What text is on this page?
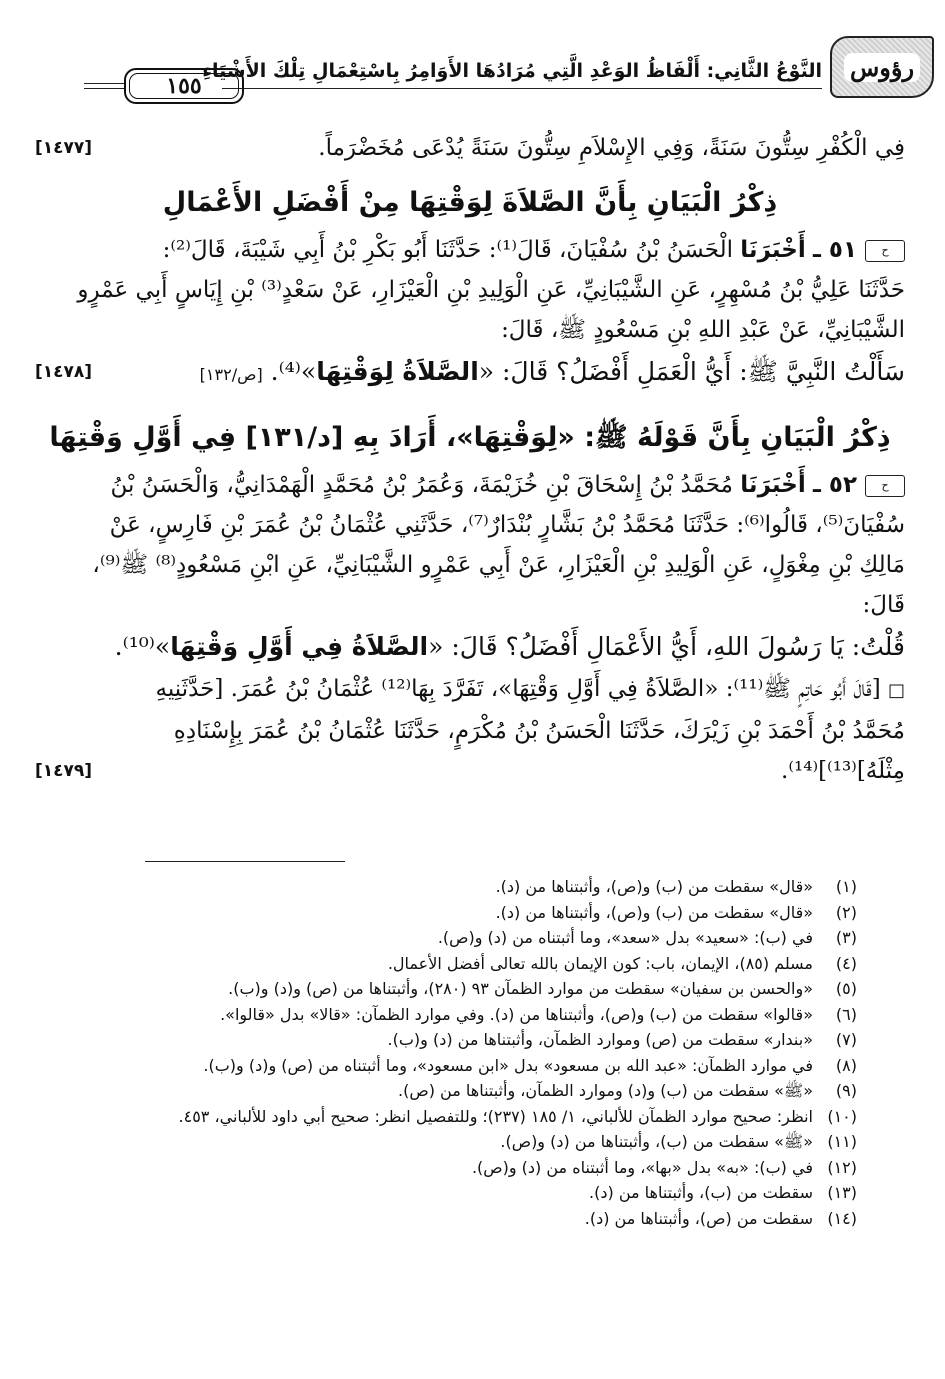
رؤوس
النَّوْعُ الثَّانِي: أَلْفَاظُ الوَعْدِ الَّتِي مُرَادُهَا الأَوَامِرُ بِاسْتِعْمَالِ تِلْكَ الأَشْيَاءِ
١٥٥
فِي الْكُفْرِ سِتُّونَ سَنَةً، وَفِي الإِسْلاَمِ سِتُّونَ سَنَةً يُدْعَى مُخَضْرَماً.
[١٤٧٧]
ذِكْرُ الْبَيَانِ بِأَنَّ الصَّلاَةَ لِوَقْتِهَا مِنْ أَفْضَلِ الأَعْمَالِ
ح٥١ ـ أَخْبَرَنَا الْحَسَنُ بْنُ سُفْيَانَ، قَالَ⁽¹⁾: حَدَّثَنَا أَبُو بَكْرِ بْنُ أَبِي شَيْبَةَ، قَالَ⁽²⁾:
حَدَّثَنَا عَلِيُّ بْنُ مُسْهِرٍ، عَنِ الشَّيْبَانِيِّ، عَنِ الْوَلِيدِ بْنِ الْعَيْزَارِ، عَنْ سَعْدٍ⁽³⁾ بْنِ إِيَاسٍ أَبِي عَمْرٍو
الشَّيْبَانِيِّ، عَنْ عَبْدِ اللهِ بْنِ مَسْعُودٍ ﷺ، قَالَ:
سَأَلْتُ النَّبِيَّ ﷺ: أَيُّ الْعَمَلِ أَفْضَلُ؟ قَالَ: «الصَّلاَةُ لِوَقْتِهَا»⁽⁴⁾. [ص/١٣٢]
[١٤٧٨]
ذِكْرُ الْبَيَانِ بِأَنَّ قَوْلَهُ ﷺ: «لِوَقْتِهَا»، أَرَادَ بِهِ [د/١٣١] فِي أَوَّلِ وَقْتِهَا
ح٥٢ ـ أَخْبَرَنَا مُحَمَّدُ بْنُ إِسْحَاقَ بْنِ خُزَيْمَةَ، وَعُمَرُ بْنُ مُحَمَّدٍ الْهَمْدَانِيُّ، وَالْحَسَنُ بْنُ
سُفْيَانَ⁽⁵⁾، قَالُوا⁽⁶⁾: حَدَّثَنَا مُحَمَّدُ بْنُ بَشَّارٍ بُنْدَارٌ⁽⁷⁾، حَدَّثَنِي عُثْمَانُ بْنُ عُمَرَ بْنِ فَارِسٍ، عَنْ
مَالِكِ بْنِ مِغْوَلٍ، عَنِ الْوَلِيدِ بْنِ الْعَيْزَارِ، عَنْ أَبِي عَمْرٍو الشَّيْبَانِيِّ، عَنِ ابْنِ مَسْعُودٍ⁽⁸⁾ ﷺ⁽⁹⁾،
قَالَ:
قُلْتُ: يَا رَسُولَ اللهِ، أَيُّ الأَعْمَالِ أَفْضَلُ؟ قَالَ: «الصَّلاَةُ فِي أَوَّلِ وَقْتِهَا»⁽¹⁰⁾.
□ [قَالَ أَبُو حَاتِمٍ ﷺ⁽¹¹⁾: «الصَّلاَةُ فِي أَوَّلِ وَقْتِهَا»، تَفَرَّدَ بِهَا⁽¹²⁾ عُثْمَانُ بْنُ عُمَرَ. [حَدَّثَنِيهِ
مُحَمَّدُ بْنُ أَحْمَدَ بْنِ زَيْرَكَ، حَدَّثَنَا الْحَسَنُ بْنُ مُكْرَمٍ، حَدَّثَنَا عُثْمَانُ بْنُ عُمَرَ بِإِسْنَادِهِ
مِثْلَهُ]⁽¹³⁾]⁽¹⁴⁾.
[١٤٧٩]
(١)
«قال» سقطت من (ب) و(ص)، وأثبتناها من (د).
(٢)
«قال» سقطت من (ب) و(ص)، وأثبتناها من (د).
(٣)
في (ب): «سعيد» بدل «سعد»، وما أثبتناه من (د) و(ص).
(٤)
مسلم (٨٥)، الإيمان، باب: كون الإيمان بالله تعالى أفضل الأعمال.
(٥)
«والحسن بن سفيان» سقطت من موارد الظمآن ٩٣ (٢٨٠)، وأثبتناها من (ص) و(د) و(ب).
(٦)
«قالوا» سقطت من (ب) و(ص)، وأثبتناها من (د). وفي موارد الظمآن: «قالا» بدل «قالوا».
(٧)
«بندار» سقطت من (ص) وموارد الظمآن، وأثبتناها من (د) و(ب).
(٨)
في موارد الظمآن: «عبد الله بن مسعود» بدل «ابن مسعود»، وما أثبتناه من (ص) و(د) و(ب).
(٩)
«ﷺ» سقطت من (ب) و(د) وموارد الظمآن، وأثبتناها من (ص).
(١٠)
انظر: صحيح موارد الظمآن للألباني، ١/ ١٨٥ (٢٣٧)؛ وللتفصيل انظر: صحيح أبي داود للألباني، ٤٥٣.
(١١)
«ﷺ» سقطت من (ب)، وأثبتناها من (د) و(ص).
(١٢)
في (ب): «به» بدل «بها»، وما أثبتناه من (د) و(ص).
(١٣)
سقطت من (ب)، وأثبتناها من (د).
(١٤)
سقطت من (ص)، وأثبتناها من (د).
